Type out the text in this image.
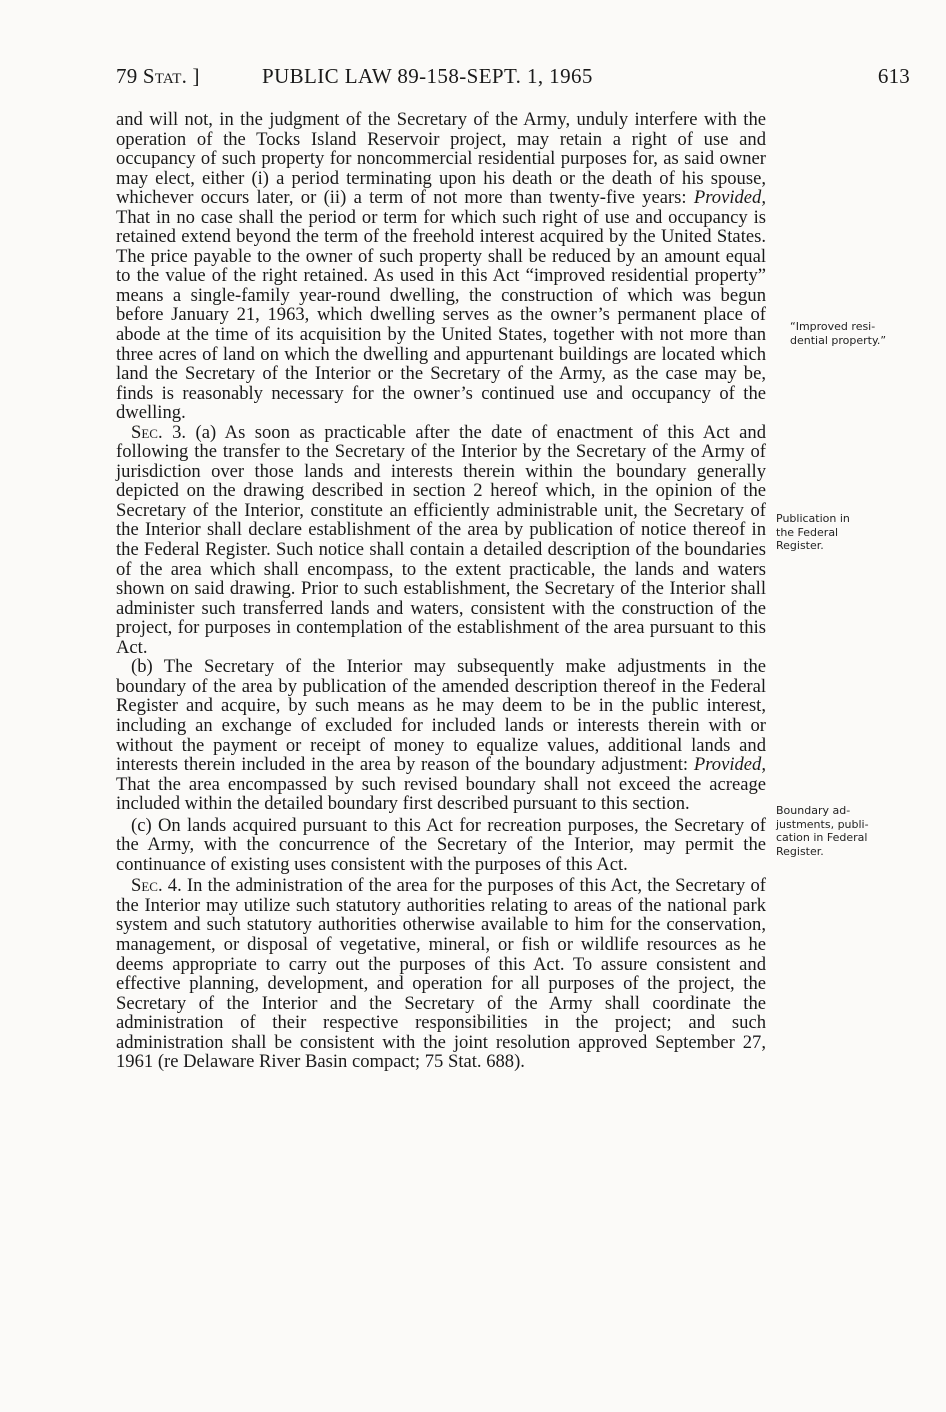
79 Stat. ]	PUBLIC LAW 89-158-SEPT. 1, 1965	613

and will not, in the judgment of the Secretary of the Army, unduly interfere with the operation of the Tocks Island Reservoir project, may retain a right of use and occupancy of such property for noncommercial residential purposes for, as said owner may elect, either (i) a period terminating upon his death or the death of his spouse, whichever occurs later, or (ii) a term of not more than twenty-five years: Provided, That in no case shall the period or term for which such right of use and occupancy is retained extend beyond the term of the freehold interest acquired by the United States. The price payable to the owner of such property shall be reduced by an amount equal to the value of the right retained. As used in this Act “improved residential property” means a single-family year-round dwelling, the construction of which was begun before January 21, 1963, which dwelling serves as the owner’s permanent place of abode at the time of its acquisition by the United States, together with not more than three acres of land on which the dwelling and appurtenant buildings are located which land the Secretary of the Interior or the Secretary of the Army, as the case may be, finds is reasonably necessary for the owner’s continued use and occupancy of the dwelling.

Sec. 3. (a) As soon as practicable after the date of enactment of this Act and following the transfer to the Secretary of the Interior by the Secretary of the Army of jurisdiction over those lands and interests therein within the boundary generally depicted on the drawing described in section 2 hereof which, in the opinion of the Secretary of the Interior, constitute an efficiently administrable unit, the Secretary of the Interior shall declare establishment of the area by publication of notice thereof in the Federal Register. Such notice shall contain a detailed description of the boundaries of the area which shall encompass, to the extent practicable, the lands and waters shown on said drawing. Prior to such establishment, the Secretary of the Interior shall administer such transferred lands and waters, consistent with the construction of the project, for purposes in contemplation of the establishment of the area pursuant to this Act.

(b) The Secretary of the Interior may subsequently make adjustments in the boundary of the area by publication of the amended description thereof in the Federal Register and acquire, by such means as he may deem to be in the public interest, including an exchange of excluded for included lands or interests therein with or without the payment or receipt of money to equalize values, additional lands and interests therein included in the area by reason of the boundary adjustment: Provided, That the area encompassed by such revised boundary shall not exceed the acreage included within the detailed boundary first described pursuant to this section.

(c) On lands acquired pursuant to this Act for recreation purposes, the Secretary of the Army, with the concurrence of the Secretary of the Interior, may permit the continuance of existing uses consistent with the purposes of this Act.

Sec. 4. In the administration of the area for the purposes of this Act, the Secretary of the Interior may utilize such statutory authorities relating to areas of the national park system and such statutory authorities otherwise available to him for the conservation, management, or disposal of vegetative, mineral, or fish or wildlife resources as he deems appropriate to carry out the purposes of this Act. To assure consistent and effective planning, development, and operation for all purposes of the project, the Secretary of the Interior and the Secretary of the Army shall coordinate the administration of their respective responsibilities in the project; and such administration shall be consistent with the joint resolution approved September 27, 1961 (re Delaware River Basin compact; 75 Stat. 688).

“Improved resi-
dential property.”
Publication in
the Federal
Register.
Boundary ad-
justments, publi-
cation in Federal
Register.
